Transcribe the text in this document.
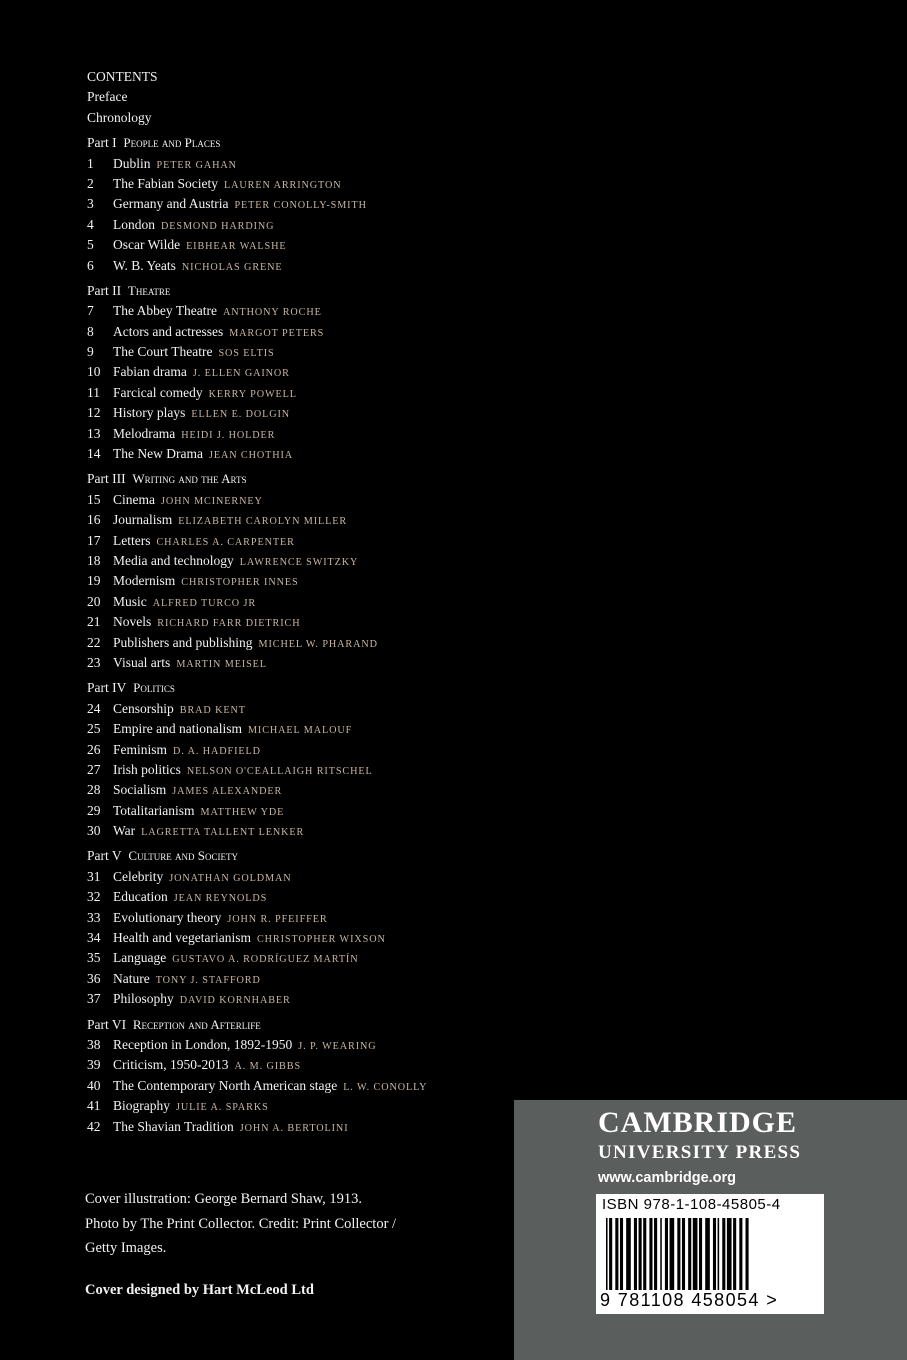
CONTENTS
Preface
Chronology
Part I People and Places
1 Dublin PETER GAHAN
2 The Fabian Society LAUREN ARRINGTON
3 Germany and Austria PETER CONOLLY-SMITH
4 London DESMOND HARDING
5 Oscar Wilde EIBHEAR WALSHE
6 W. B. Yeats NICHOLAS GRENE
Part II Theatre
7 The Abbey Theatre ANTHONY ROCHE
8 Actors and actresses MARGOT PETERS
9 The Court Theatre SOS ELTIS
10 Fabian drama J. ELLEN GAINOR
11 Farcical comedy KERRY POWELL
12 History plays ELLEN E. DOLGIN
13 Melodrama HEIDI J. HOLDER
14 The New Drama JEAN CHOTHIA
Part III Writing and the Arts
15 Cinema JOHN MCINERNEY
16 Journalism ELIZABETH CAROLYN MILLER
17 Letters CHARLES A. CARPENTER
18 Media and technology LAWRENCE SWITZKY
19 Modernism CHRISTOPHER INNES
20 Music ALFRED TURCO JR
21 Novels RICHARD FARR DIETRICH
22 Publishers and publishing MICHEL W. PHARAND
23 Visual arts MARTIN MEISEL
Part IV Politics
24 Censorship BRAD KENT
25 Empire and nationalism MICHAEL MALOUF
26 Feminism D. A. HADFIELD
27 Irish politics NELSON O'CEALLAIGH RITSCHEL
28 Socialism JAMES ALEXANDER
29 Totalitarianism MATTHEW YDE
30 War LAGRETTA TALLENT LENKER
Part V Culture and Society
31 Celebrity JONATHAN GOLDMAN
32 Education JEAN REYNOLDS
33 Evolutionary theory JOHN R. PFEIFFER
34 Health and vegetarianism CHRISTOPHER WIXSON
35 Language GUSTAVO A. RODRÍGUEZ MARTÍN
36 Nature TONY J. STAFFORD
37 Philosophy DAVID KORNHABER
Part VI Reception and Afterlife
38 Reception in London, 1892-1950 J. P. WEARING
39 Criticism, 1950-2013 A. M. GIBBS
40 The Contemporary North American stage L. W. CONOLLY
41 Biography JULIE A. SPARKS
42 The Shavian Tradition JOHN A. BERTOLINI
Cover illustration: George Bernard Shaw, 1913.
Photo by The Print Collector. Credit: Print Collector /
Getty Images.
Cover designed by Hart McLeod Ltd
CAMBRIDGE
UNIVERSITY PRESS
www.cambridge.org
ISBN 978-1-108-45805-4
9 781108 458054 >
